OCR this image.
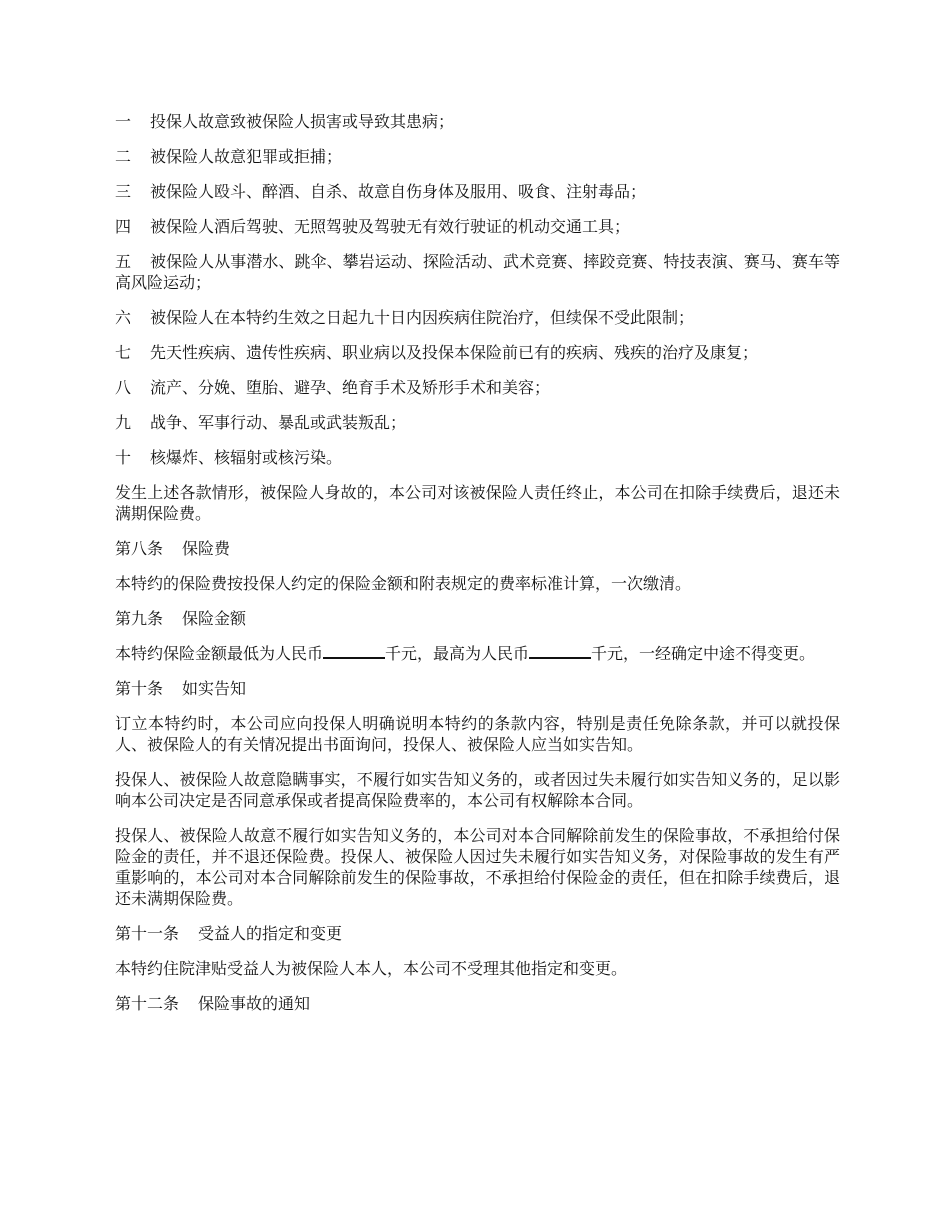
一 投保人故意致被保险人损害或导致其患病；
二 被保险人故意犯罪或拒捕；
三 被保险人殴斗、醉酒、自杀、故意自伤身体及服用、吸食、注射毒品；
四 被保险人酒后驾驶、无照驾驶及驾驶无有效行驶证的机动交通工具；
五 被保险人从事潜水、跳伞、攀岩运动、探险活动、武术竞赛、摔跤竞赛、特技表演、赛马、赛车等高风险运动；
六 被保险人在本特约生效之日起九十日内因疾病住院治疗，但续保不受此限制；
七 先天性疾病、遗传性疾病、职业病以及投保本保险前已有的疾病、残疾的治疗及康复；
八 流产、分娩、堕胎、避孕、绝育手术及矫形手术和美容；
九 战争、军事行动、暴乱或武装叛乱；
十 核爆炸、核辐射或核污染。
发生上述各款情形，被保险人身故的，本公司对该被保险人责任终止，本公司在扣除手续费后，退还未满期保险费。
第八条 保险费
本特约的保险费按投保人约定的保险金额和附表规定的费率标准计算，一次缴清。
第九条 保险金额
本特约保险金额最低为人民币	千元，最高为人民币	千元，一经确定中途不得变更。
第十条 如实告知
订立本特约时，本公司应向投保人明确说明本特约的条款内容，特别是责任免除条款，并可以就投保人、被保险人的有关情况提出书面询问，投保人、被保险人应当如实告知。
投保人、被保险人故意隐瞒事实，不履行如实告知义务的，或者因过失未履行如实告知义务的，足以影响本公司决定是否同意承保或者提高保险费率的，本公司有权解除本合同。
投保人、被保险人故意不履行如实告知义务的，本公司对本合同解除前发生的保险事故，不承担给付保险金的责任，并不退还保险费。投保人、被保险人因过失未履行如实告知义务，对保险事故的发生有严重影响的，本公司对本合同解除前发生的保险事故，不承担给付保险金的责任，但在扣除手续费后，退还未满期保险费。
第十一条 受益人的指定和变更
本特约住院津贴受益人为被保险人本人，本公司不受理其他指定和变更。
第十二条 保险事故的通知
